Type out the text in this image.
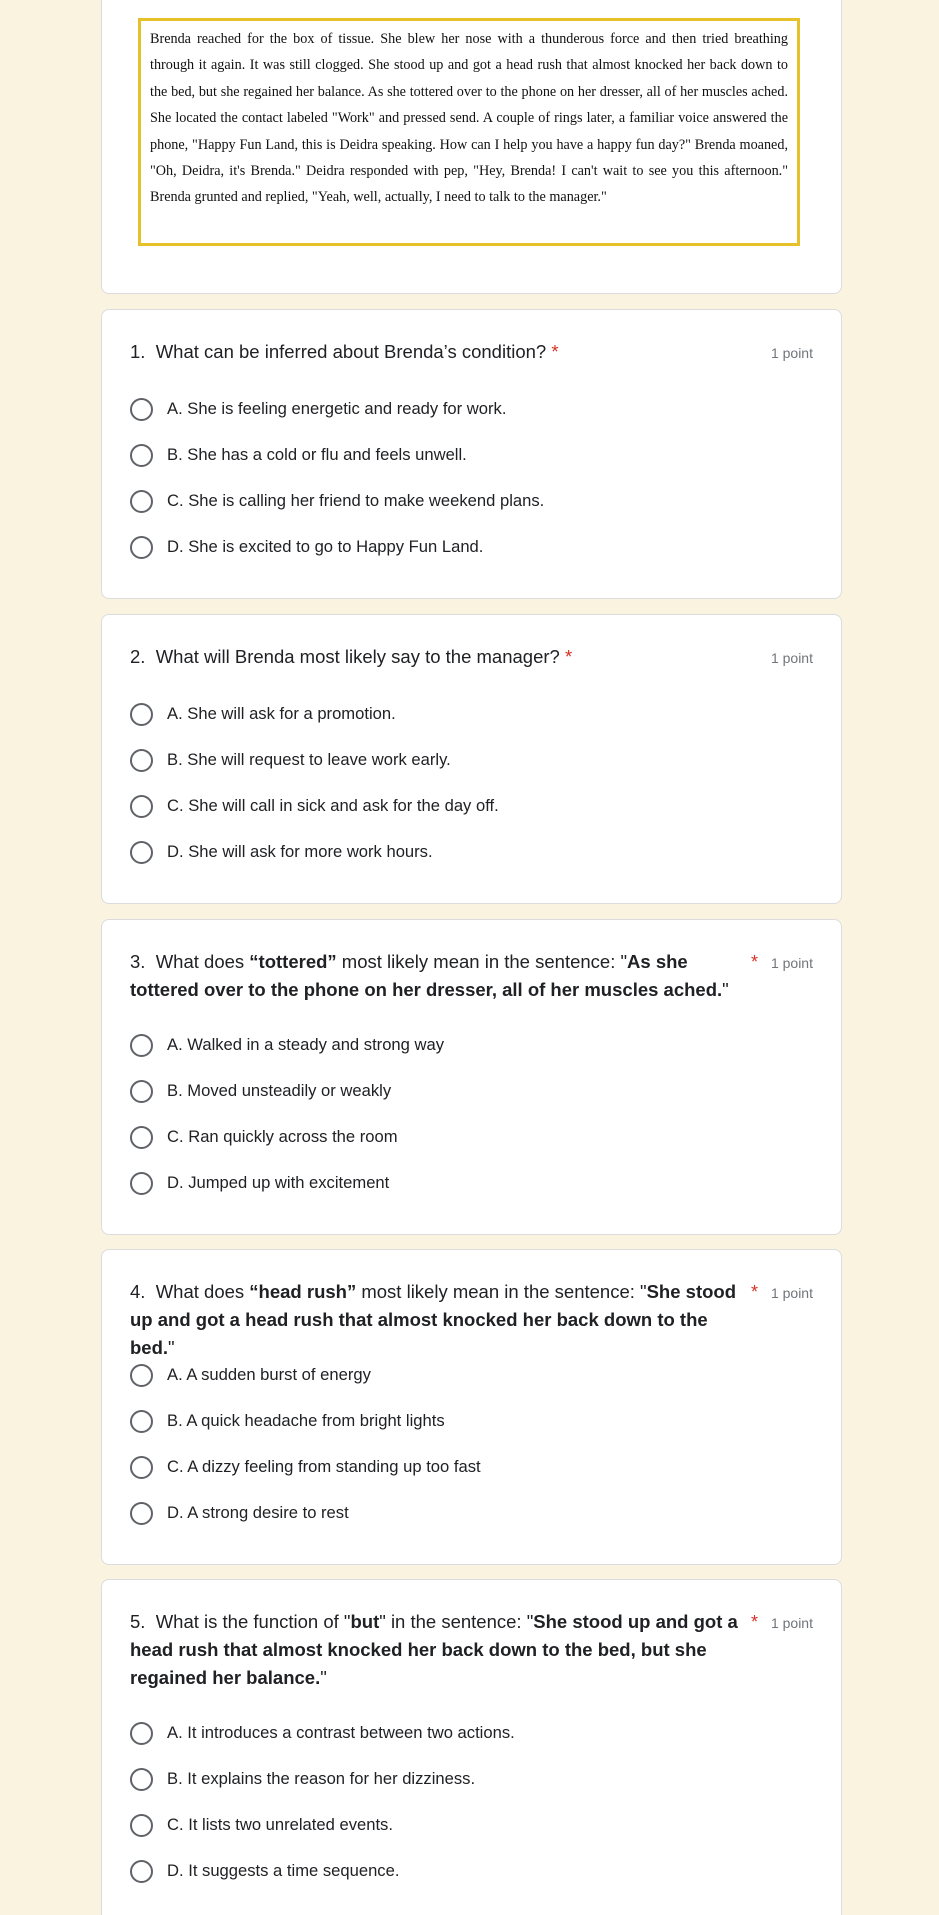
Brenda reached for the box of tissue. She blew her nose with a thunderous force and then tried breathing through it again. It was still clogged. She stood up and got a head rush that almost knocked her back down to the bed, but she regained her balance. As she tottered over to the phone on her dresser, all of her muscles ached. She located the contact labeled "Work" and pressed send. A couple of rings later, a familiar voice answered the phone, "Happy Fun Land, this is Deidra speaking. How can I help you have a happy fun day?" Brenda moaned, "Oh, Deidra, it's Brenda." Deidra responded with pep, "Hey, Brenda! I can't wait to see you this afternoon." Brenda grunted and replied, "Yeah, well, actually, I need to talk to the manager."
1. What can be inferred about Brenda’s condition? *	1 point
A. She is feeling energetic and ready for work.
B. She has a cold or flu and feels unwell.
C. She is calling her friend to make weekend plans.
D. She is excited to go to Happy Fun Land.
2. What will Brenda most likely say to the manager? *	1 point
A. She will ask for a promotion.
B. She will request to leave work early.
C. She will call in sick and ask for the day off.
D. She will ask for more work hours.
3. What does “tottered” most likely mean in the sentence: "As she tottered over to the phone on her dresser, all of her muscles ached."
* 1 point
A. Walked in a steady and strong way
B. Moved unsteadily or weakly
C. Ran quickly across the room
D. Jumped up with excitement
4. What does “head rush” most likely mean in the sentence: "She stood up and got a head rush that almost knocked her back down to the bed."
* 1 point
A. A sudden burst of energy
B. A quick headache from bright lights
C. A dizzy feeling from standing up too fast
D. A strong desire to rest
5. What is the function of "but" in the sentence: "She stood up and got a head rush that almost knocked her back down to the bed, but she regained her balance."
* 1 point
A. It introduces a contrast between two actions.
B. It explains the reason for her dizziness.
C. It lists two unrelated events.
D. It suggests a time sequence.
